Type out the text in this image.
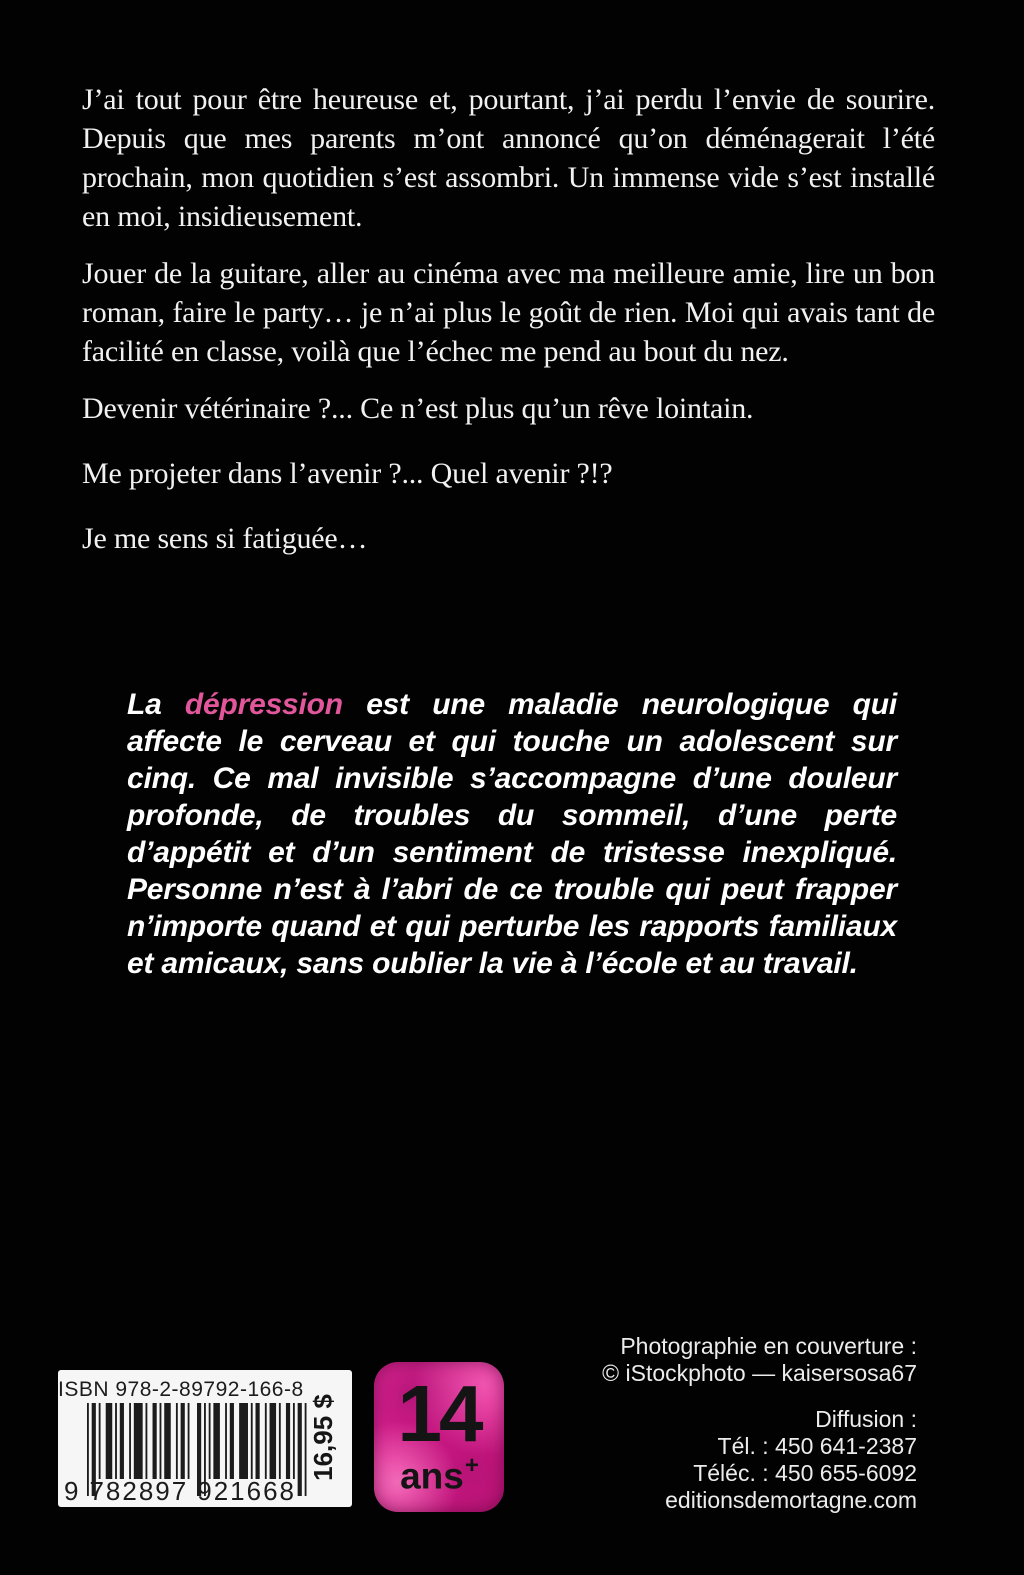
J’ai tout pour être heureuse et, pourtant, j’ai perdu l’envie de sourire. Depuis que mes parents m’ont annoncé qu’on déménagerait l’été prochain, mon quotidien s’est assombri. Un immense vide s’est installé en moi, insidieusement.

Jouer de la guitare, aller au cinéma avec ma meilleure amie, lire un bon roman, faire le party… je n’ai plus le goût de rien. Moi qui avais tant de facilité en classe, voilà que l’échec me pend au bout du nez.

Devenir vétérinaire ?... Ce n’est plus qu’un rêve lointain.

Me projeter dans l’avenir ?... Quel avenir ?!?

Je me sens si fatiguée…

La dépression est une maladie neurologique qui affecte le cerveau et qui touche un adolescent sur cinq. Ce mal invisible s’accompagne d’une douleur profonde, de troubles du sommeil, d’une perte d’appétit et d’un sentiment de tristesse inexpliqué. Personne n’est à l’abri de ce trouble qui peut frapper n’importe quand et qui perturbe les rapports familiaux et amicaux, sans oublier la vie à l’école et au travail.

Photographie en couverture :
© iStockphoto — kaisersosa67
Diffusion :
Tél. : 450 641-2387
Téléc. : 450 655-6092
editionsdemortagne.com
ISBN 978-2-89792-166-8
9 782897 921668
16,95 $ 14
ans+
